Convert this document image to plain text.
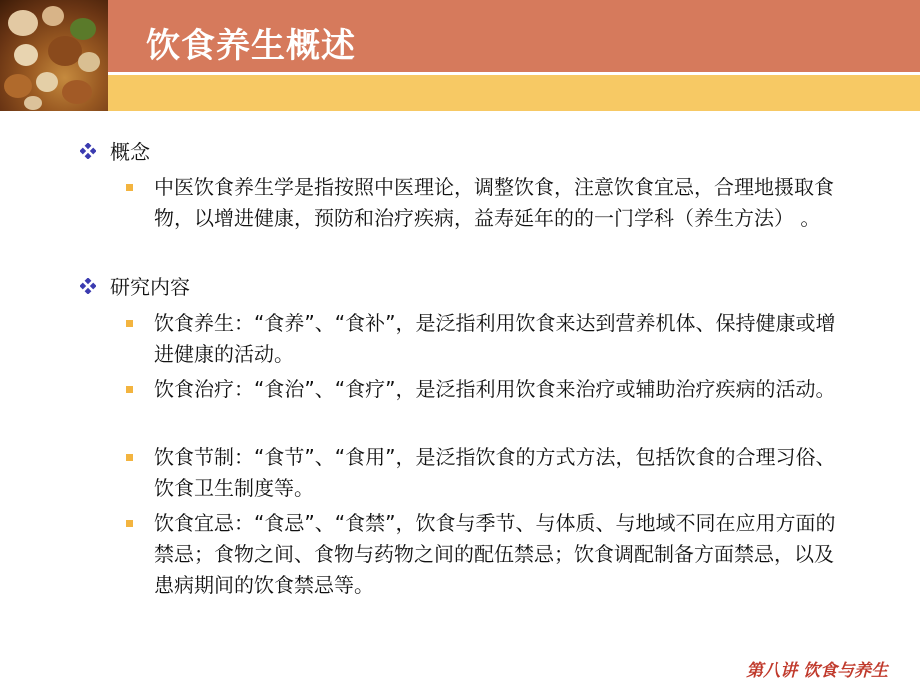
饮食养生概述
概念
中医饮食养生学是指按照中医理论，调整饮食，注意饮食宜忌，合理地摄取食物，以增进健康，预防和治疗疾病，益寿延年的的一门学科（养生方法） 。
研究内容
饮食养生：“食养”、“食补”，是泛指利用饮食来达到营养机体、保持健康或增进健康的活动。
饮食治疗：“食治”、“食疗”，是泛指利用饮食来治疗或辅助治疗疾病的活动。
饮食节制：“食节”、“食用”，是泛指饮食的方式方法，包括饮食的合理习俗、饮食卫生制度等。
饮食宜忌：“食忌”、“食禁”，饮食与季节、与体质、与地域不同在应用方面的禁忌；食物之间、食物与药物之间的配伍禁忌；饮食调配制备方面禁忌，以及患病期间的饮食禁忌等。
第八讲 饮食与养生
